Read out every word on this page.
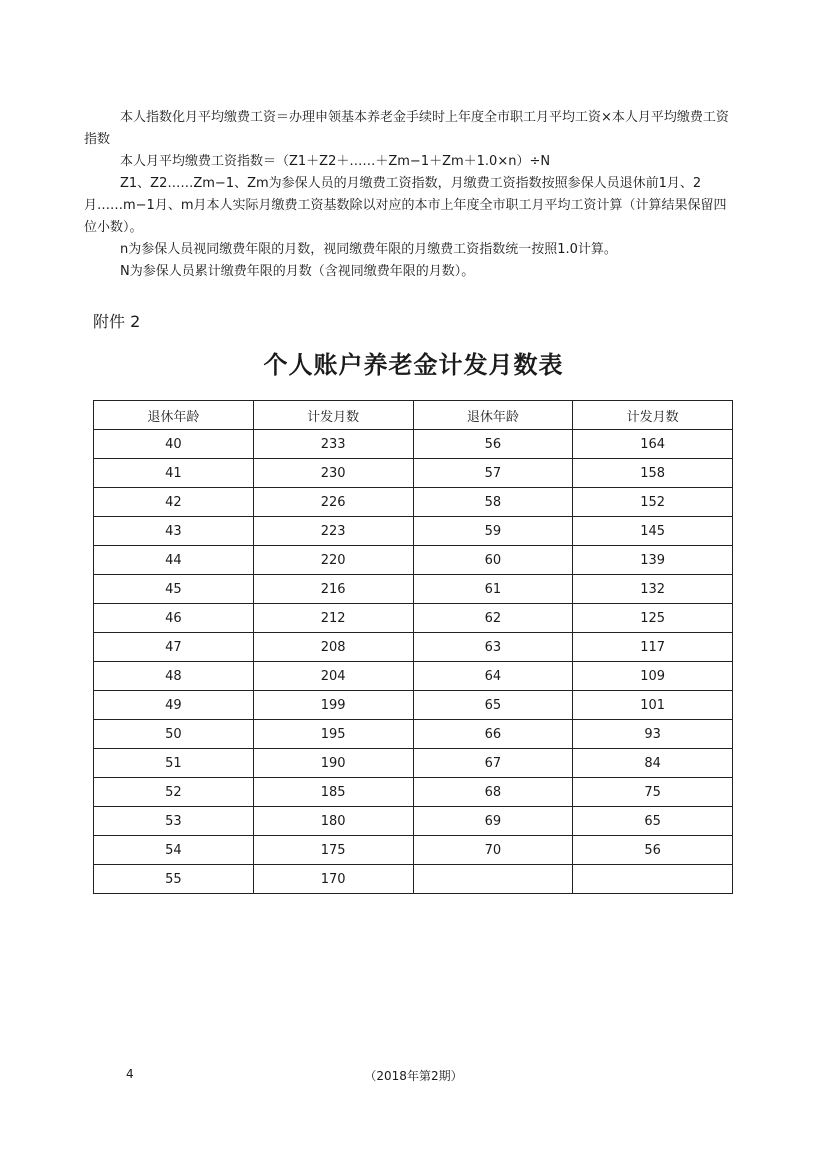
本人指数化月平均缴费工资＝办理申领基本养老金手续时上年度全市职工月平均工资×本人月平均缴费工资指数
本人月平均缴费工资指数＝（Z1＋Z2＋……＋Zm−1＋Zm＋1.0×n）÷N
Z1、Z2……Zm−1、Zm为参保人员的月缴费工资指数，月缴费工资指数按照参保人员退休前1月、2月……m−1月、m月本人实际月缴费工资基数除以对应的本市上年度全市职工月平均工资计算（计算结果保留四位小数）。
n为参保人员视同缴费年限的月数，视同缴费年限的月缴费工资指数统一按照1.0计算。
N为参保人员累计缴费年限的月数（含视同缴费年限的月数）。
附件 2
个人账户养老金计发月数表
退休年龄	计发月数	退休年龄	计发月数
40	233	56	164
41	230	57	158
42	226	58	152
43	223	59	145
44	220	60	139
45	216	61	132
46	212	62	125
47	208	63	117
48	204	64	109
49	199	65	101
50	195	66	93
51	190	67	84
52	185	68	75
53	180	69	65
54	175	70	56
55	170		
4	（2018年第2期）
